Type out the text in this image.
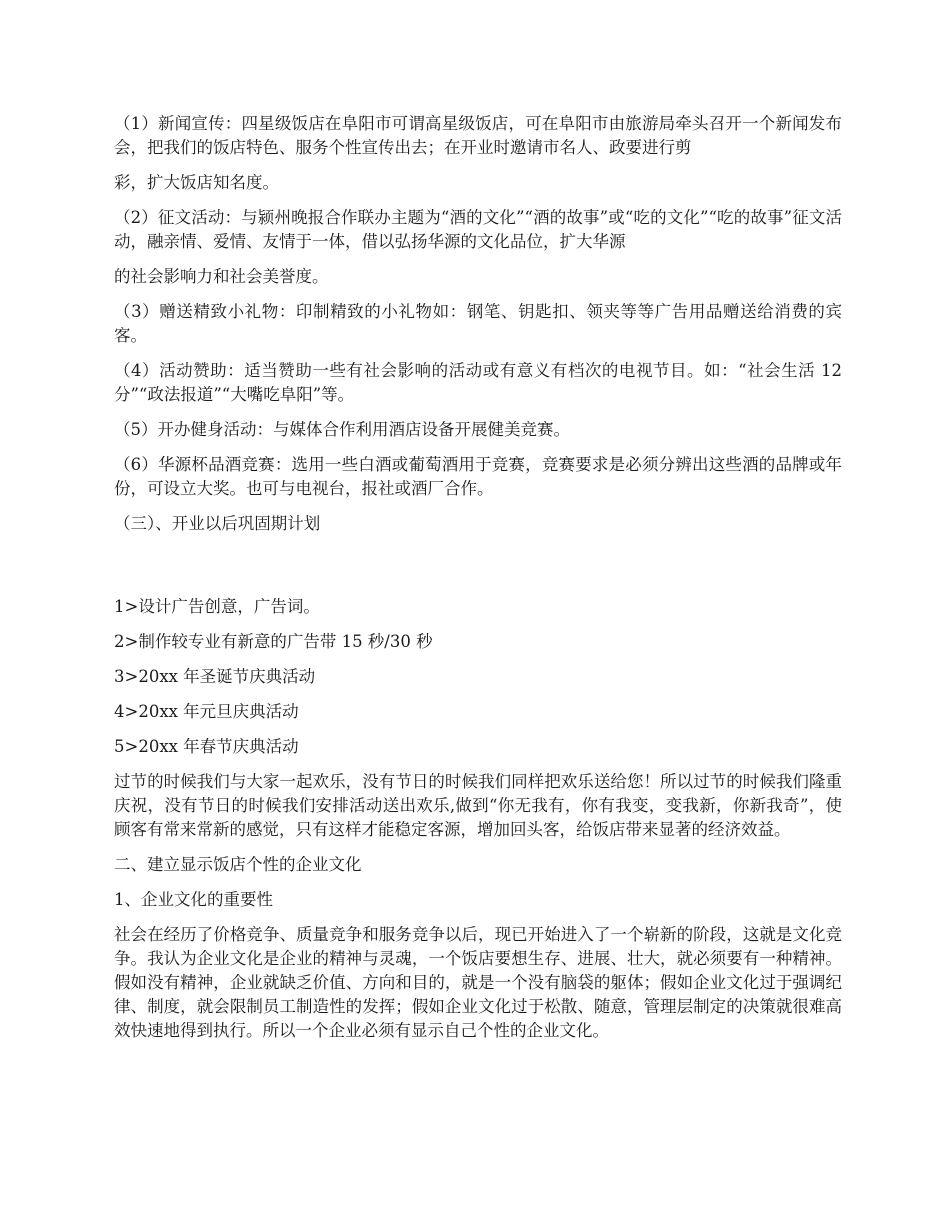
（1）新闻宣传：四星级饭店在阜阳市可谓高星级饭店，可在阜阳市由旅游局牵头召开一个新闻发布会，把我们的饭店特色、服务个性宣传出去；在开业时邀请市名人、政要进行剪

彩，扩大饭店知名度。

（2）征文活动：与颍州晚报合作联办主题为“酒的文化”“酒的故事”或“吃的文化”“吃的故事”征文活动，融亲情、爱情、友情于一体，借以弘扬华源的文化品位，扩大华源

的社会影响力和社会美誉度。

（3）赠送精致小礼物：印制精致的小礼物如：钢笔、钥匙扣、领夹等等广告用品赠送给消费的宾客。

（4）活动赞助：适当赞助一些有社会影响的活动或有意义有档次的电视节目。如：“社会生活 12 分”“政法报道”“大嘴吃阜阳”等。

（5）开办健身活动：与媒体合作利用酒店设备开展健美竞赛。

（6）华源杯品酒竞赛：选用一些白酒或葡萄酒用于竞赛，竞赛要求是必须分辨出这些酒的品牌或年份，可设立大奖。也可与电视台，报社或酒厂合作。

（三）、开业以后巩固期计划

1>设计广告创意，广告词。

2>制作较专业有新意的广告带 15 秒/30 秒

3>20xx 年圣诞节庆典活动

4>20xx 年元旦庆典活动

5>20xx 年春节庆典活动

过节的时候我们与大家一起欢乐，没有节日的时候我们同样把欢乐送给您！所以过节的时候我们隆重庆祝，没有节日的时候我们安排活动送出欢乐,做到“你无我有，你有我变，变我新，你新我奇”，使顾客有常来常新的感觉，只有这样才能稳定客源，增加回头客，给饭店带来显著的经济效益。

二、建立显示饭店个性的企业文化

1、企业文化的重要性

社会在经历了价格竞争、质量竞争和服务竞争以后，现已开始进入了一个崭新的阶段，这就是文化竞争。我认为企业文化是企业的精神与灵魂，一个饭店要想生存、进展、壮大，就必须要有一种精神。假如没有精神，企业就缺乏价值、方向和目的，就是一个没有脑袋的躯体；假如企业文化过于强调纪律、制度，就会限制员工制造性的发挥；假如企业文化过于松散、随意，管理层制定的决策就很难高效快速地得到执行。所以一个企业必须有显示自己个性的企业文化。
